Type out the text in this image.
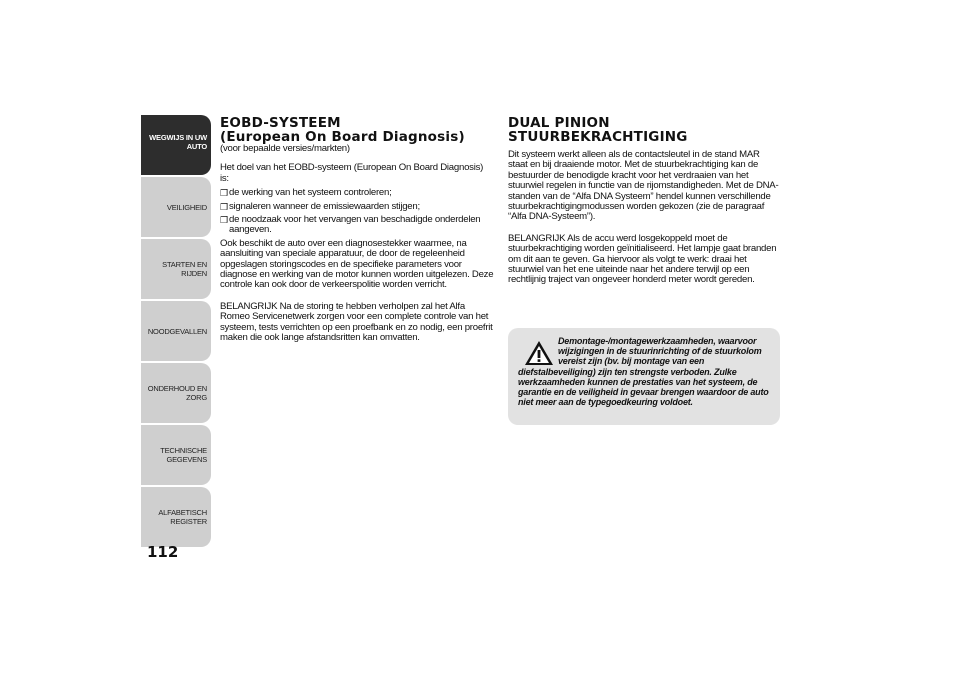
WEGWIJS IN UW
AUTO
VEILIGHEID
STARTEN EN RIJDEN
NOODGEVALLEN
ONDERHOUD EN
ZORG
TECHNISCHE
GEGEVENS
ALFABETISCH
REGISTER
112
EOBD-SYSTEEM
(European On Board Diagnosis)

(voor bepaalde versies/markten)

Het doel van het EOBD-systeem (European On Board Diagnosis) is:

❒ de werking van het systeem controleren;
❒ signaleren wanneer de emissiewaarden stijgen;
❒ de noodzaak voor het vervangen van beschadigde onderdelen

aangeven.

Ook beschikt de auto over een diagnosestekker waarmee, na aansluiting van speciale apparatuur, de door de regeleenheid opgeslagen storingscodes en de specifieke parameters voor diagnose en werking van de motor kunnen worden uitgelezen. Deze controle kan ook door de verkeerspolitie worden verricht.

BELANGRIJK Na de storing te hebben verholpen zal het Alfa Romeo Servicenetwerk zorgen voor een complete controle van het systeem, tests verrichten op een proefbank en zo nodig, een proefrit maken die ook lange afstandsritten kan omvatten.

DUAL PINION
STUURBEKRACHTIGING

Dit systeem werkt alleen als de contactsleutel in de stand MAR staat en bij draaiende motor. Met de stuurbekrachtiging kan de bestuurder de benodigde kracht voor het verdraaien van het stuurwiel regelen in functie van de rijomstandigheden. Met de DNA-standen van de “Alfa DNA Systeem” hendel kunnen verschillende stuurbekrachtigingmodussen worden gekozen (zie de paragraaf “Alfa DNA-Systeem”).

BELANGRIJK Als de accu werd losgekoppeld moet de stuurbekrachtiging worden geïnitialiseerd. Het lampje gaat branden om dit aan te geven. Ga hiervoor als volgt te werk: draai het stuurwiel van het ene uiteinde naar het andere terwijl op een rechtlijnig traject van ongeveer honderd meter wordt gereden.

Demontage-/montagewerkzaamheden, waarvoor

wijzigingen in de stuurinrichting of de stuurkolom

vereist zijn (bv. bij montage van een

diefstalbeveiliging) zijn ten strengste verboden. Zulke werkzaamheden kunnen de prestaties van het systeem, de garantie en de veiligheid in gevaar brengen waardoor de auto niet meer aan de typegoedkeuring voldoet.
